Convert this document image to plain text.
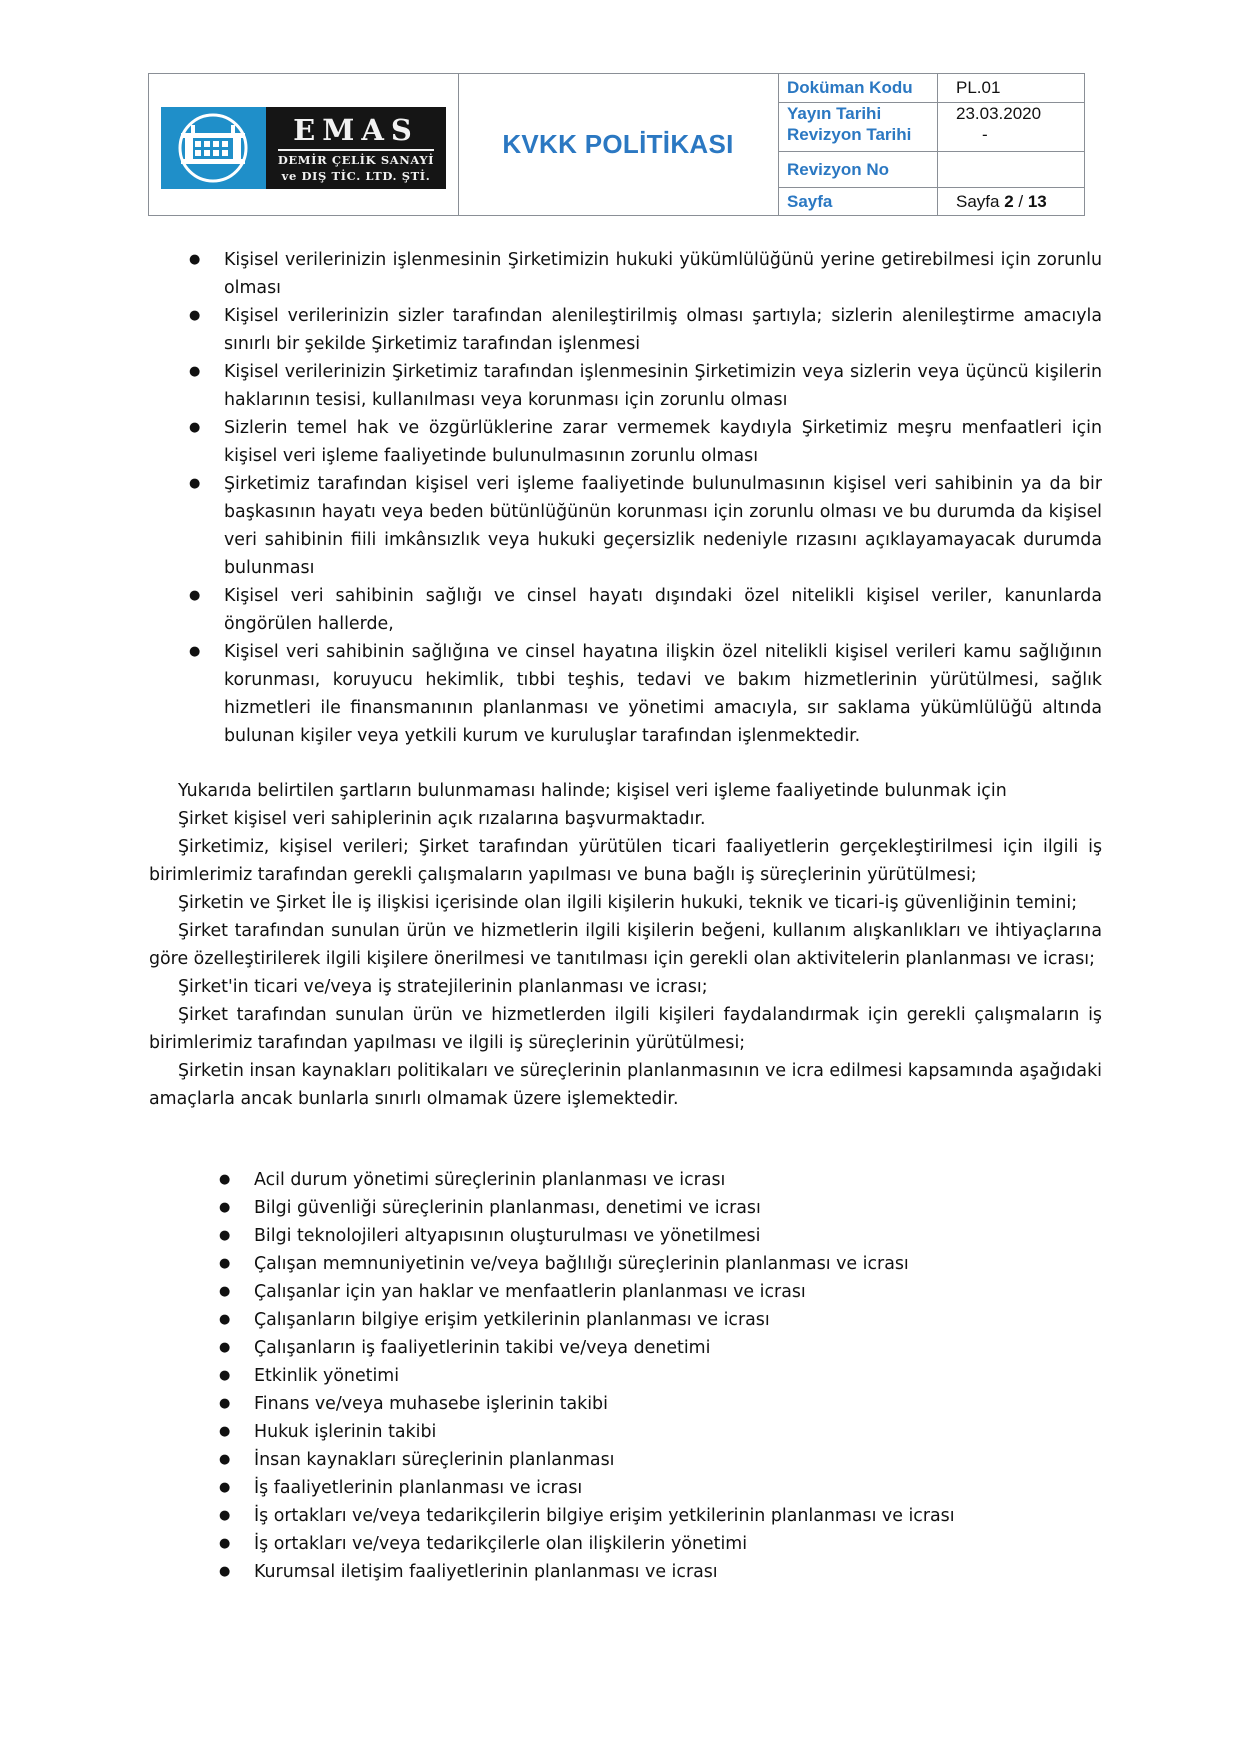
EMAS
DEMİR ÇELİK SANAYİ
ve DIŞ TİC. LTD. ŞTİ.
KVKK POLİTİKASI
Doküman Kodu	PL.01
Yayın Tarihi	23.03.2020
Revizyon Tarihi	-
Revizyon No
Sayfa	Sayfa 2 / 13
● Kişisel verilerinizin işlenmesinin Şirketimizin hukuki yükümlülüğünü yerine getirebilmesi için zorunlu olması
● Kişisel verilerinizin sizler tarafından alenileştirilmiş olması şartıyla; sizlerin alenileştirme amacıyla sınırlı bir şekilde Şirketimiz tarafından işlenmesi
● Kişisel verilerinizin Şirketimiz tarafından işlenmesinin Şirketimizin veya sizlerin veya üçüncü kişilerin haklarının tesisi, kullanılması veya korunması için zorunlu olması
● Sizlerin temel hak ve özgürlüklerine zarar vermemek kaydıyla Şirketimiz meşru menfaatleri için kişisel veri işleme faaliyetinde bulunulmasının zorunlu olması
● Şirketimiz tarafından kişisel veri işleme faaliyetinde bulunulmasının kişisel veri sahibinin ya da bir başkasının hayatı veya beden bütünlüğünün korunması için zorunlu olması ve bu durumda da kişisel veri sahibinin fiili imkânsızlık veya hukuki geçersizlik nedeniyle rızasını açıklayamayacak durumda bulunması
● Kişisel veri sahibinin sağlığı ve cinsel hayatı dışındaki özel nitelikli kişisel veriler, kanunlarda öngörülen hallerde,
● Kişisel veri sahibinin sağlığına ve cinsel hayatına ilişkin özel nitelikli kişisel verileri kamu sağlığının korunması, koruyucu hekimlik, tıbbi teşhis, tedavi ve bakım hizmetlerinin yürütülmesi, sağlık hizmetleri ile finansmanının planlanması ve yönetimi amacıyla, sır saklama yükümlülüğü altında bulunan kişiler veya yetkili kurum ve kuruluşlar tarafından işlenmektedir.

Yukarıda belirtilen şartların bulunmaması halinde; kişisel veri işleme faaliyetinde bulunmak için

Şirket kişisel veri sahiplerinin açık rızalarına başvurmaktadır.

Şirketimiz, kişisel verileri; Şirket tarafından yürütülen ticari faaliyetlerin gerçekleştirilmesi için ilgili iş birimlerimiz tarafından gerekli çalışmaların yapılması ve buna bağlı iş süreçlerinin yürütülmesi;

Şirketin ve Şirket İle iş ilişkisi içerisinde olan ilgili kişilerin hukuki, teknik ve ticari-iş güvenliğinin temini;

Şirket tarafından sunulan ürün ve hizmetlerin ilgili kişilerin beğeni, kullanım alışkanlıkları ve ihtiyaçlarına göre özelleştirilerek ilgili kişilere önerilmesi ve tanıtılması için gerekli olan aktivitelerin planlanması ve icrası;

Şirket'in ticari ve/veya iş stratejilerinin planlanması ve icrası;

Şirket tarafından sunulan ürün ve hizmetlerden ilgili kişileri faydalandırmak için gerekli çalışmaların iş birimlerimiz tarafından yapılması ve ilgili iş süreçlerinin yürütülmesi;

Şirketin insan kaynakları politikaları ve süreçlerinin planlanmasının ve icra edilmesi kapsamında aşağıdaki amaçlarla ancak bunlarla sınırlı olmamak üzere işlemektedir.

● Acil durum yönetimi süreçlerinin planlanması ve icrası
● Bilgi güvenliği süreçlerinin planlanması, denetimi ve icrası
● Bilgi teknolojileri altyapısının oluşturulması ve yönetilmesi
● Çalışan memnuniyetinin ve/veya bağlılığı süreçlerinin planlanması ve icrası
● Çalışanlar için yan haklar ve menfaatlerin planlanması ve icrası
● Çalışanların bilgiye erişim yetkilerinin planlanması ve icrası
● Çalışanların iş faaliyetlerinin takibi ve/veya denetimi
● Etkinlik yönetimi
● Finans ve/veya muhasebe işlerinin takibi
● Hukuk işlerinin takibi
● İnsan kaynakları süreçlerinin planlanması
● İş faaliyetlerinin planlanması ve icrası
● İş ortakları ve/veya tedarikçilerin bilgiye erişim yetkilerinin planlanması ve icrası
● İş ortakları ve/veya tedarikçilerle olan ilişkilerin yönetimi
● Kurumsal iletişim faaliyetlerinin planlanması ve icrası
